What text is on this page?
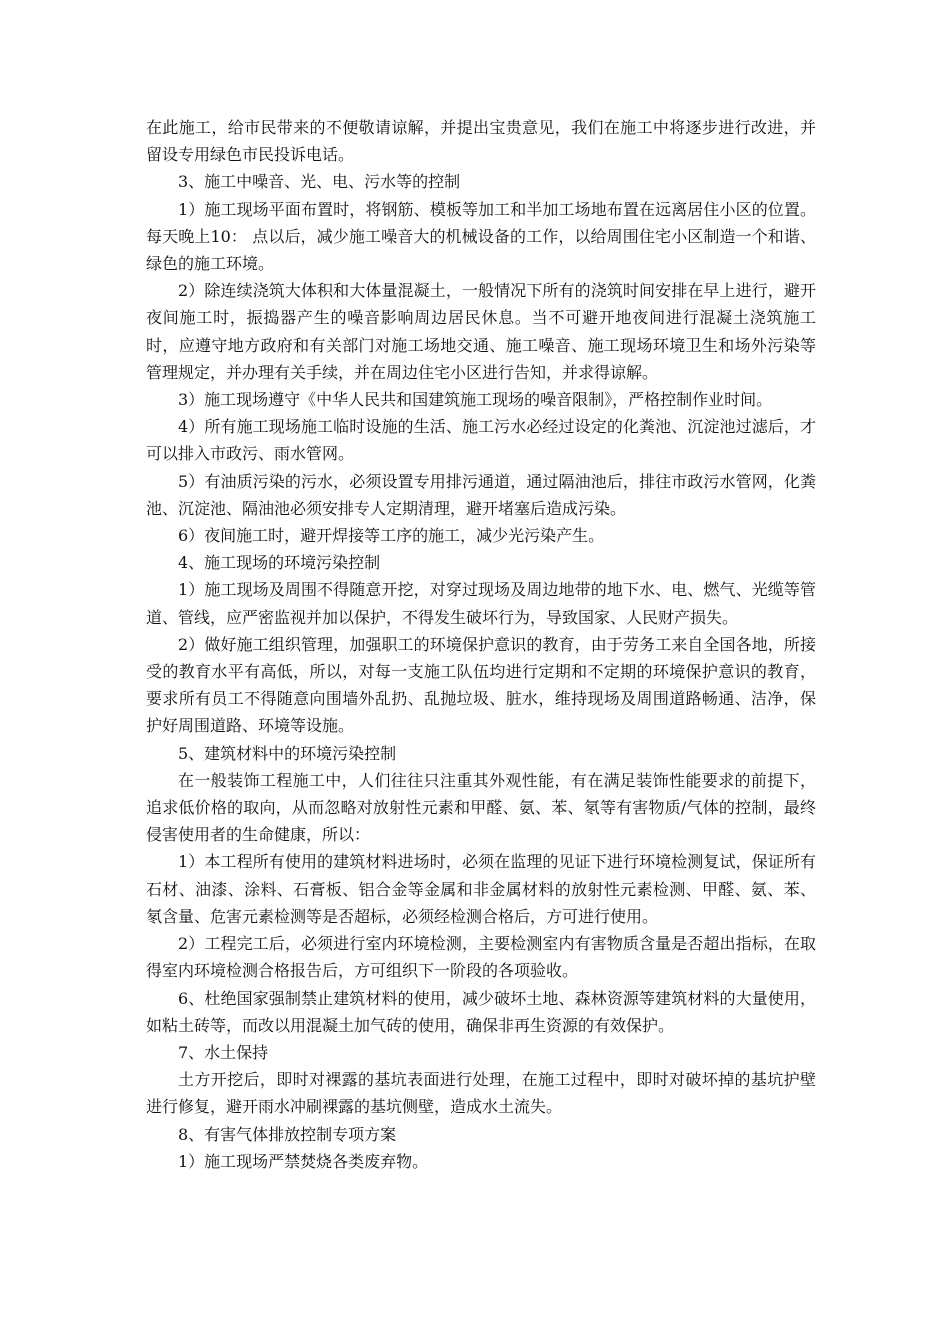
在此施工，给市民带来的不便敬请谅解，并提出宝贵意见，我们在施工中将逐步进行改进，并留设专用绿色市民投诉电话。

3、施工中噪音、光、电、污水等的控制

1）施工现场平面布置时，将钢筋、模板等加工和半加工场地布置在远离居住小区的位置。每天晚上10： 点以后，减少施工噪音大的机械设备的工作，以给周围住宅小区制造一个和谐、绿色的施工环境。

2）除连续浇筑大体积和大体量混凝土，一般情况下所有的浇筑时间安排在早上进行，避开夜间施工时，振捣器产生的噪音影响周边居民休息。当不可避开地夜间进行混凝土浇筑施工时，应遵守地方政府和有关部门对施工场地交通、施工噪音、施工现场环境卫生和场外污染等管理规定，并办理有关手续，并在周边住宅小区进行告知，并求得谅解。

3）施工现场遵守《中华人民共和国建筑施工现场的噪音限制》，严格控制作业时间。

4）所有施工现场施工临时设施的生活、施工污水必经过设定的化粪池、沉淀池过滤后，才可以排入市政污、雨水管网。

5）有油质污染的污水，必须设置专用排污通道，通过隔油池后，排往市政污水管网，化粪池、沉淀池、隔油池必须安排专人定期清理，避开堵塞后造成污染。

6）夜间施工时，避开焊接等工序的施工，减少光污染产生。

4、施工现场的环境污染控制

1）施工现场及周围不得随意开挖，对穿过现场及周边地带的地下水、电、燃气、光缆等管道、管线，应严密监视并加以保护，不得发生破坏行为，导致国家、人民财产损失。

2）做好施工组织管理，加强职工的环境保护意识的教育，由于劳务工来自全国各地，所接受的教育水平有高低，所以，对每一支施工队伍均进行定期和不定期的环境保护意识的教育，要求所有员工不得随意向围墙外乱扔、乱抛垃圾、脏水，维持现场及周围道路畅通、洁净，保护好周围道路、环境等设施。

5、建筑材料中的环境污染控制

在一般装饰工程施工中，人们往往只注重其外观性能，有在满足装饰性能要求的前提下，追求低价格的取向，从而忽略对放射性元素和甲醛、氨、苯、氡等有害物质/气体的控制，最终侵害使用者的生命健康，所以：

1）本工程所有使用的建筑材料进场时，必须在监理的见证下进行环境检测复试，保证所有石材、油漆、涂料、石膏板、铝合金等金属和非金属材料的放射性元素检测、甲醛、氨、苯、氡含量、危害元素检测等是否超标，必须经检测合格后，方可进行使用。

2）工程完工后，必须进行室内环境检测，主要检测室内有害物质含量是否超出指标，在取得室内环境检测合格报告后，方可组织下一阶段的各项验收。

6、杜绝国家强制禁止建筑材料的使用，减少破坏土地、森林资源等建筑材料的大量使用，如粘土砖等，而改以用混凝土加气砖的使用，确保非再生资源的有效保护。

7、水土保持

土方开挖后，即时对裸露的基坑表面进行处理，在施工过程中，即时对破坏掉的基坑护壁进行修复，避开雨水冲刷裸露的基坑侧壁，造成水土流失。

8、有害气体排放控制专项方案

1）施工现场严禁焚烧各类废弃物。
